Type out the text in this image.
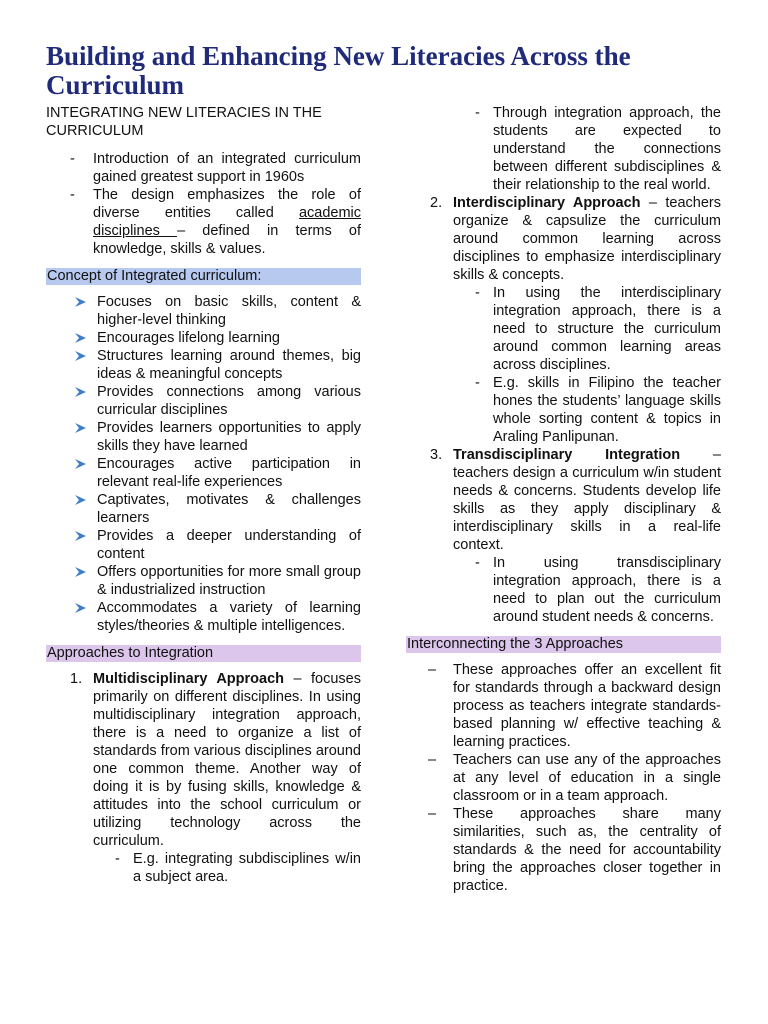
Building and Enhancing New Literacies Across the Curriculum

INTEGRATING NEW LITERACIES IN THE CURRICULUM

- Introduction of an integrated curriculum gained greatest support in 1960s
- The design emphasizes the role of diverse entities called academic disciplines – defined in terms of knowledge, skills & values.
Concept of Integrated curriculum:
Focuses on basic skills, content & higher-level thinking
Encourages lifelong learning
Structures learning around themes, big ideas & meaningful concepts
Provides connections among various curricular disciplines
Provides learners opportunities to apply skills they have learned
Encourages active participation in relevant real-life experiences
Captivates, motivates & challenges learners
Provides a deeper understanding of content
Offers opportunities for more small group & industrialized instruction
Accommodates a variety of learning styles/theories & multiple intelligences.
Approaches to Integration
1. Multidisciplinary Approach – focuses primarily on different disciplines. In using multidisciplinary integration approach, there is a need to organize a list of standards from various disciplines around one common theme. Another way of doing it is by fusing skills, knowledge & attitudes into the school curriculum or utilizing technology across the curriculum.
- E.g. integrating subdisciplines w/in a subject area.
- Through integration approach, the students are expected to understand the connections between different subdisciplines & their relationship to the real world.
2. Interdisciplinary Approach – teachers organize & capsulize the curriculum around common learning across disciplines to emphasize interdisciplinary skills & concepts.
- In using the interdisciplinary integration approach, there is a need to structure the curriculum around common learning areas across disciplines.
- E.g. skills in Filipino the teacher hones the students’ language skills whole sorting content & topics in Araling Panlipunan.
3. Transdisciplinary Integration – teachers design a curriculum w/in student needs & concerns. Students develop life skills as they apply disciplinary & interdisciplinary skills in a real-life context.
- In using transdisciplinary integration approach, there is a need to plan out the curriculum around student needs & concerns.
Interconnecting the 3 Approaches
– These approaches offer an excellent fit for standards through a backward design process as teachers integrate standards-based planning w/ effective teaching & learning practices.
– Teachers can use any of the approaches at any level of education in a single classroom or in a team approach.
– These approaches share many similarities, such as, the centrality of standards & the need for accountability bring the approaches closer together in practice.
